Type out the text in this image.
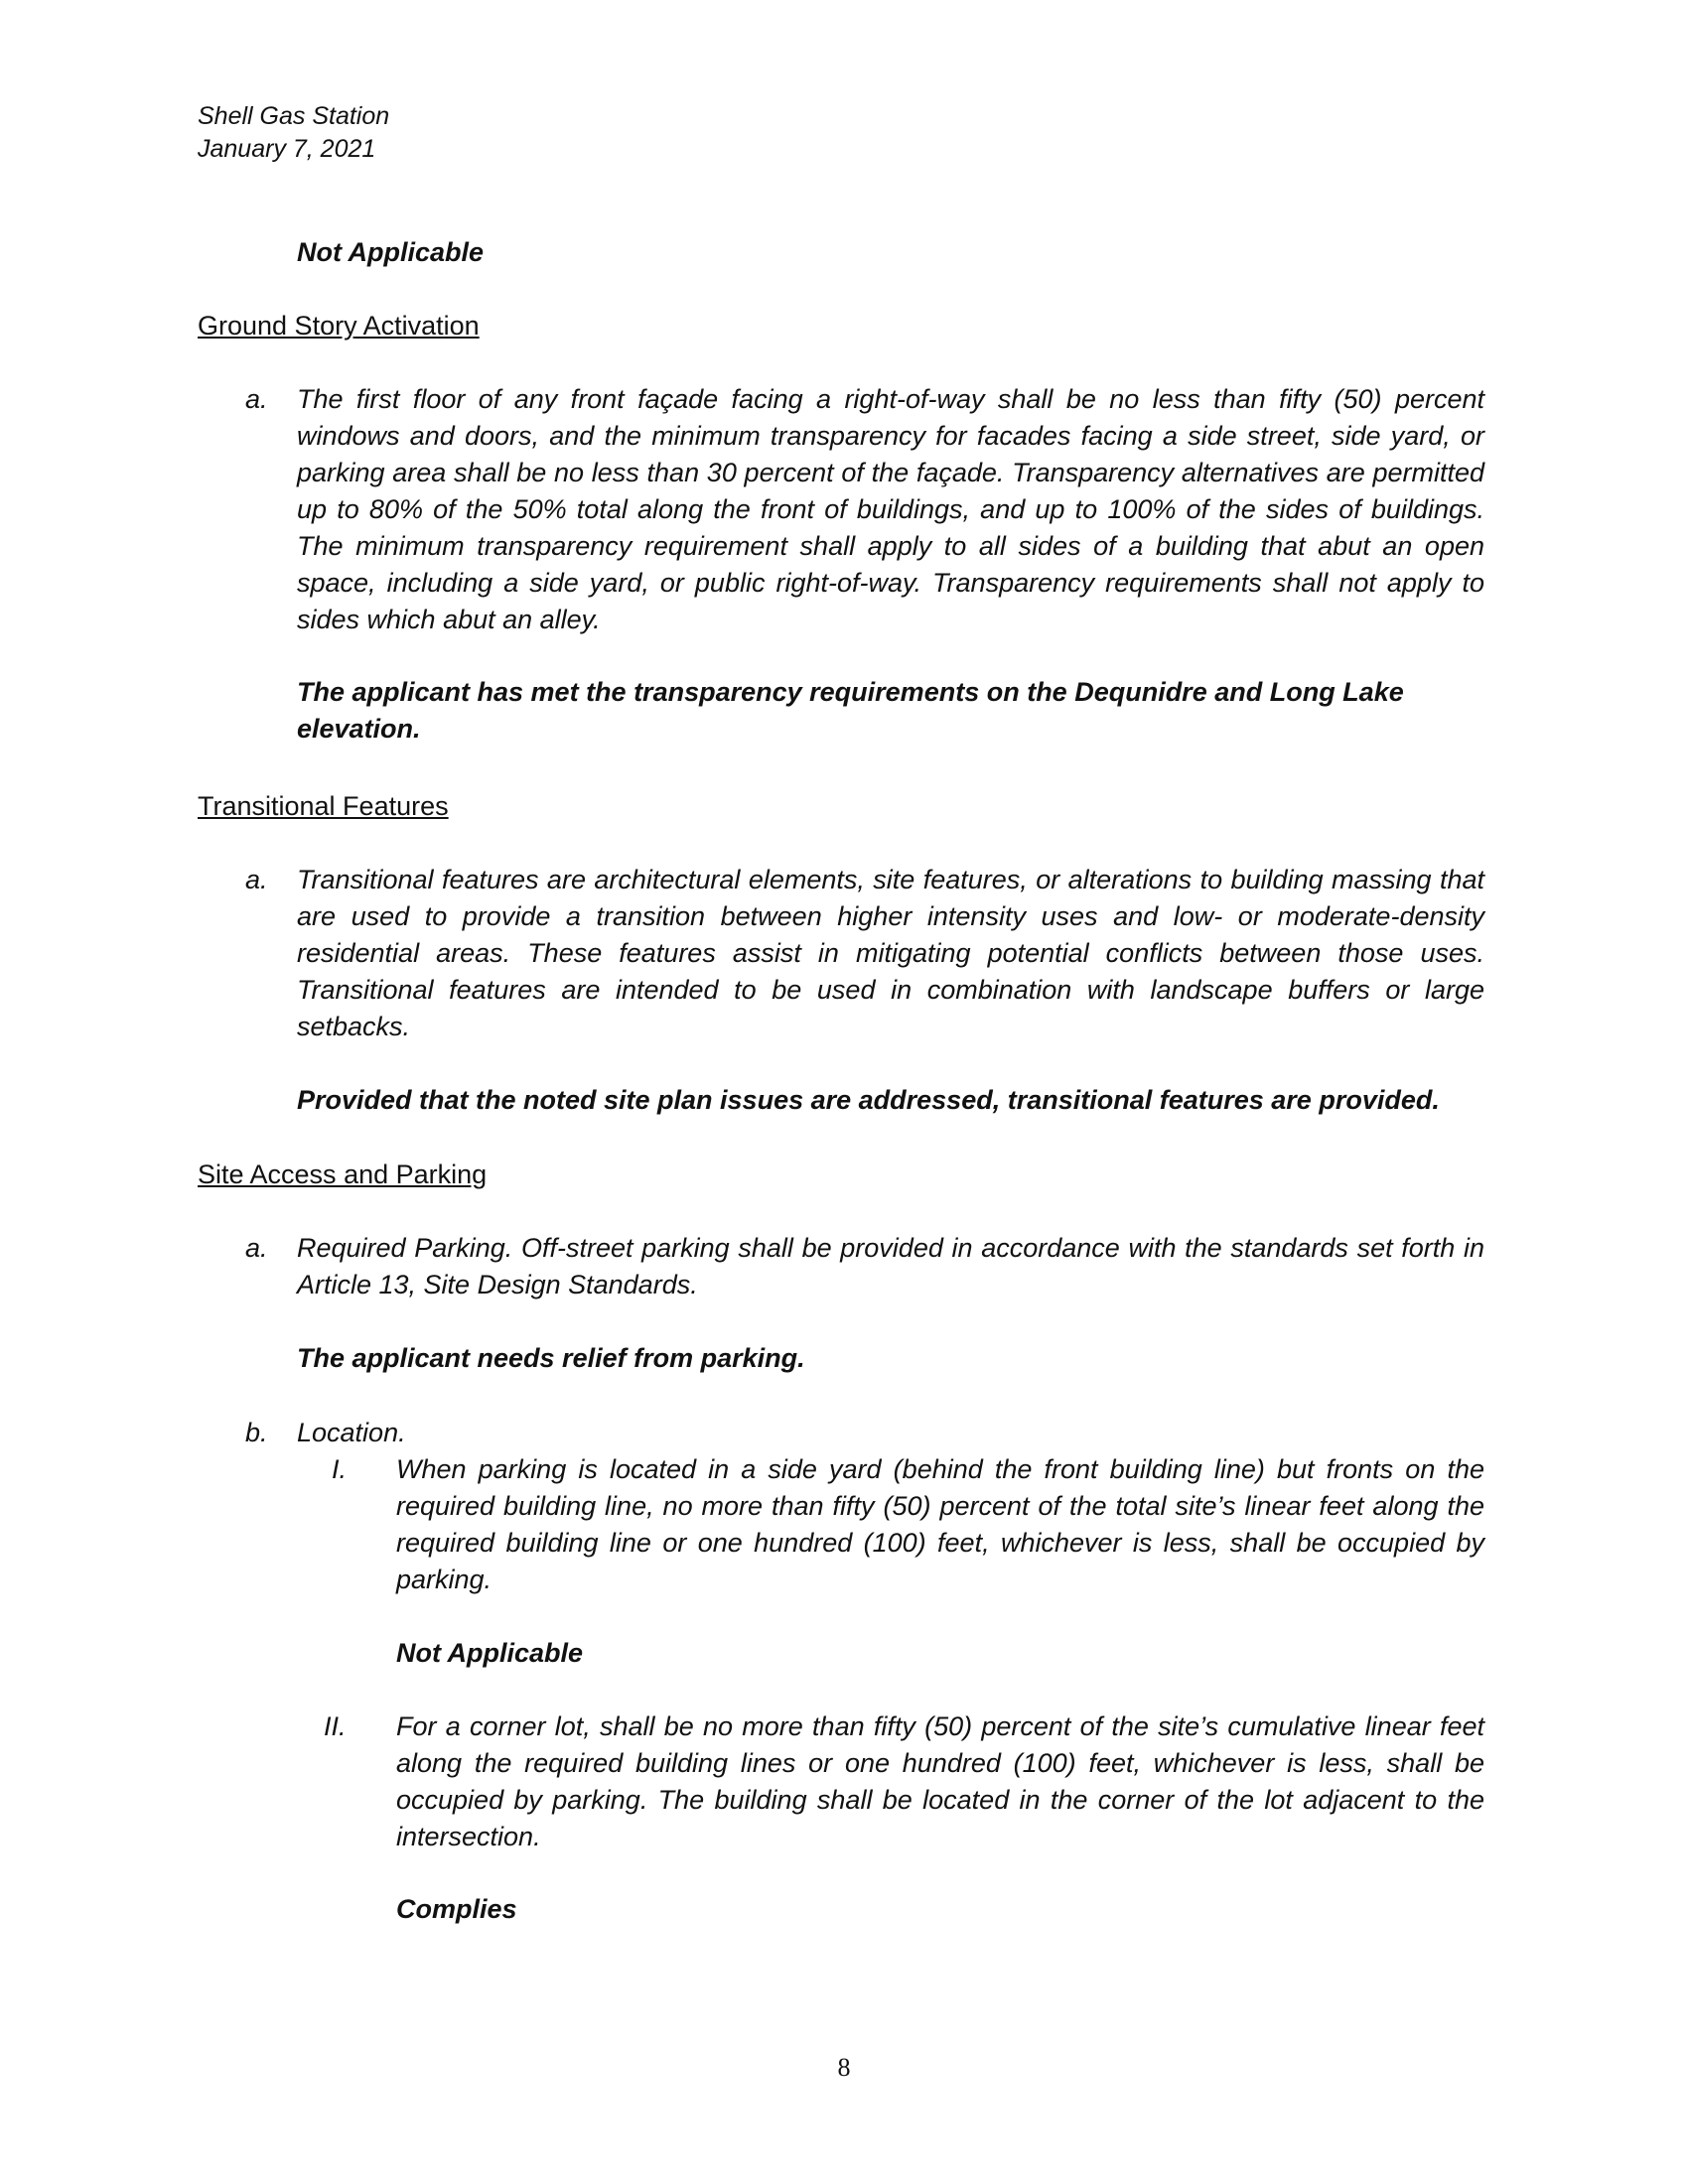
Shell Gas Station
January 7, 2021
Not Applicable
Ground Story Activation
a. The first floor of any front façade facing a right-of-way shall be no less than fifty (50) percent windows and doors, and the minimum transparency for facades facing a side street, side yard, or parking area shall be no less than 30 percent of the façade. Transparency alternatives are permitted up to 80% of the 50% total along the front of buildings, and up to 100% of the sides of buildings. The minimum transparency requirement shall apply to all sides of a building that abut an open space, including a side yard, or public right-of-way. Transparency requirements shall not apply to sides which abut an alley.
The applicant has met the transparency requirements on the Dequnidre and Long Lake elevation.
Transitional Features
a. Transitional features are architectural elements, site features, or alterations to building massing that are used to provide a transition between higher intensity uses and low- or moderate-density residential areas. These features assist in mitigating potential conflicts between those uses. Transitional features are intended to be used in combination with landscape buffers or large setbacks.
Provided that the noted site plan issues are addressed, transitional features are provided.
Site Access and Parking
a. Required Parking. Off-street parking shall be provided in accordance with the standards set forth in Article 13, Site Design Standards.
The applicant needs relief from parking.
b. Location.
I. When parking is located in a side yard (behind the front building line) but fronts on the required building line, no more than fifty (50) percent of the total site’s linear feet along the required building line or one hundred (100) feet, whichever is less, shall be occupied by parking.
Not Applicable
II. For a corner lot, shall be no more than fifty (50) percent of the site’s cumulative linear feet along the required building lines or one hundred (100) feet, whichever is less, shall be occupied by parking. The building shall be located in the corner of the lot adjacent to the intersection.
Complies
8
